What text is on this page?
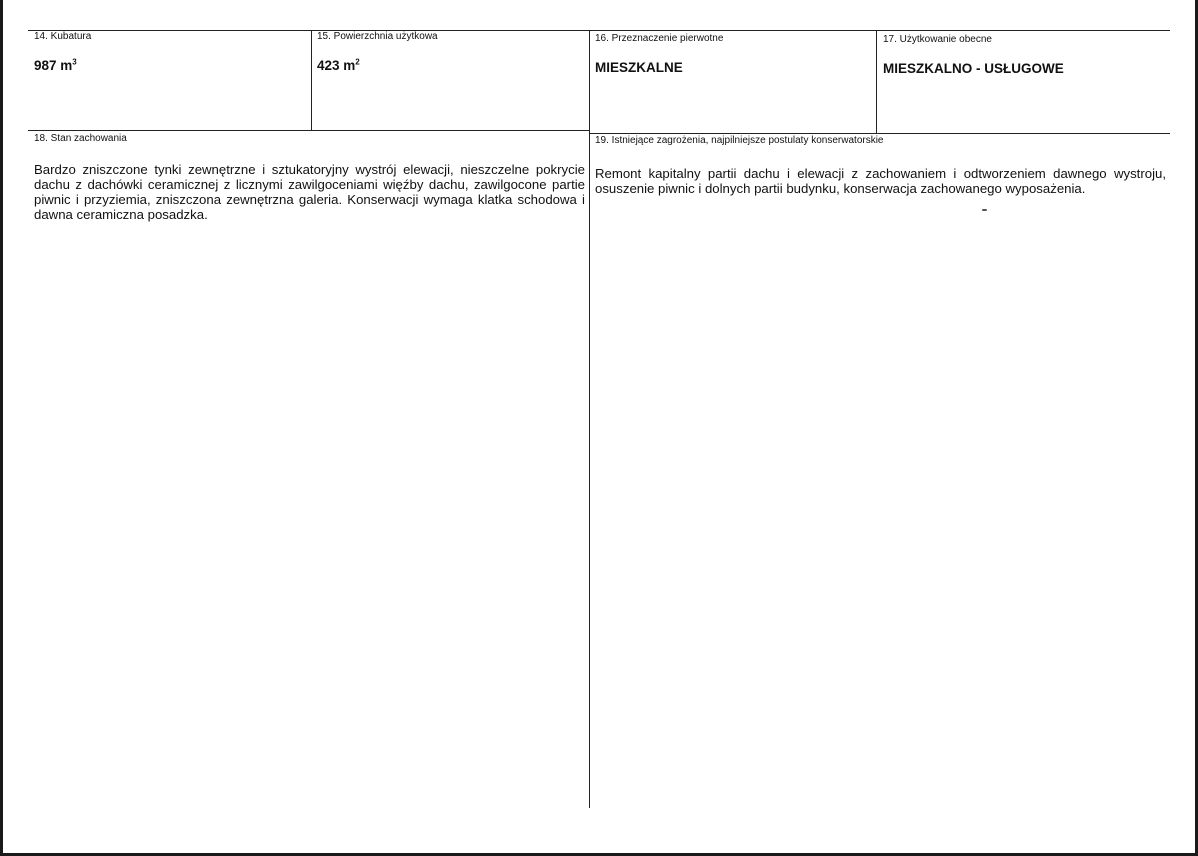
14. Kubatura
987 $m^3$
15. Powierzchnia użytkowa
423 $m^2$
16. Przeznaczenie pierwotne
MIESZKALNE
17. Użytkowanie obecne
MIESZKALNO - USŁUGOWE
18. Stan zachowania
Bardzo zniszczone tynki zewnętrzne i sztukatoryjny wystrój elewacji, nieszczelne pokrycie dachu z dachówki ceramicznej z licznymi zawilgoceniami więźby dachu, zawilgocone partie piwnic i przyziemia, zniszczona zewnętrzna galeria. Konserwacji wymaga klatka schodowa i dawna ceramiczna posadzka.
19. Istniejące zagrożenia, najpilniejsze postulaty konserwatorskie
Remont kapitalny partii dachu i elewacji z zachowaniem i odtworzeniem dawnego wystroju, osuszenie piwnic i dolnych partii budynku, konserwacja zachowanego wyposażenia.
